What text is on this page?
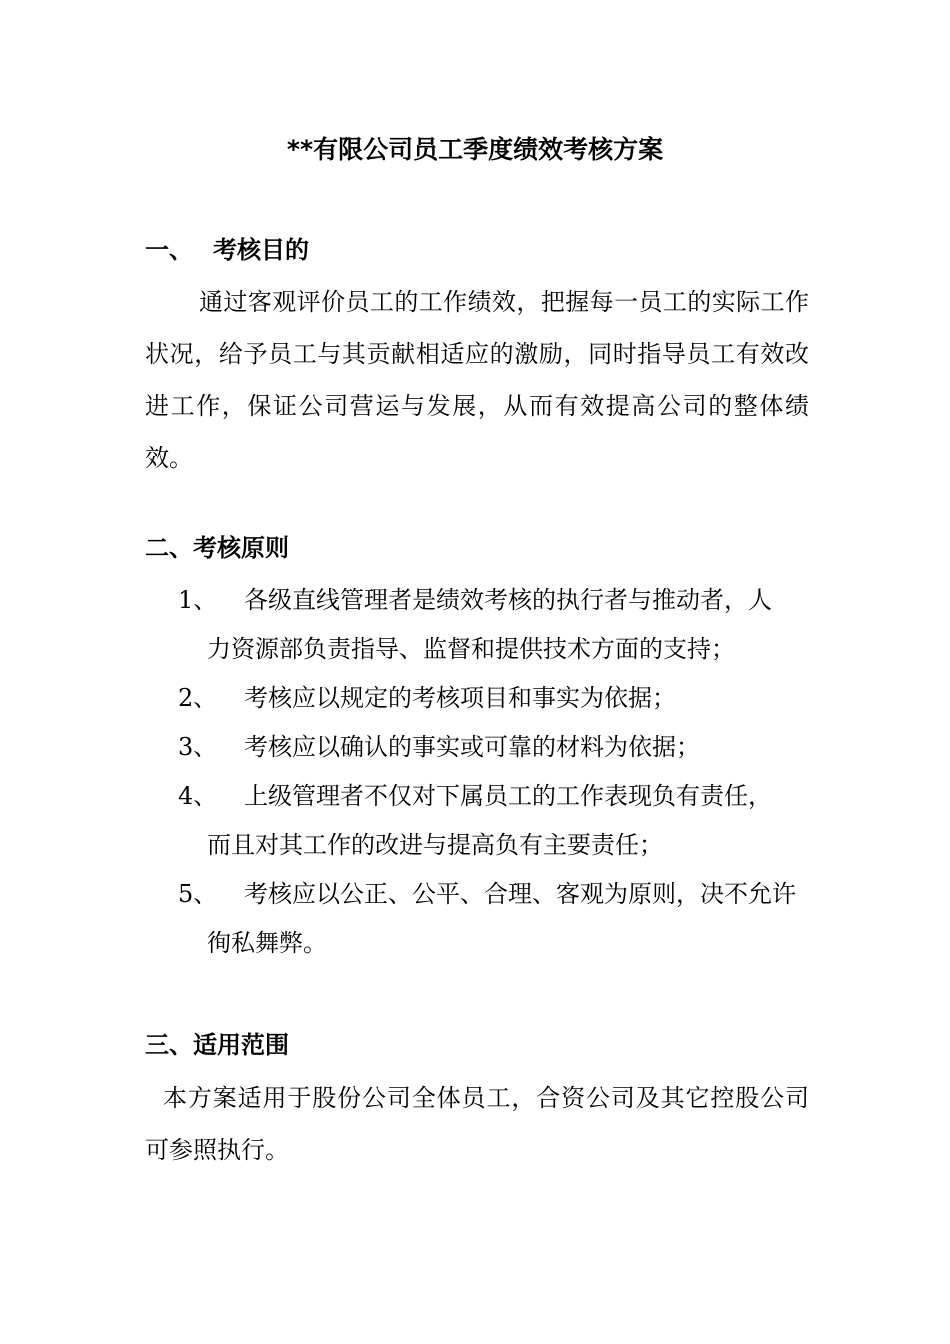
**有限公司员工季度绩效考核方案
一、 考核目的

通过客观评价员工的工作绩效，把握每一员工的实际工作状况，给予员工与其贡献相适应的激励，同时指导员工有效改进工作，保证公司营运与发展，从而有效提高公司的整体绩效。

二、考核原则
1、	各级直线管理者是绩效考核的执行者与推动者，人
力资源部负责指导、监督和提供技术方面的支持；
2、	考核应以规定的考核项目和事实为依据；
3、	考核应以确认的事实或可靠的材料为依据；
4、	上级管理者不仅对下属员工的工作表现负有责任，
而且对其工作的改进与提高负有主要责任；
5、	考核应以公正、公平、合理、客观为原则，决不允许
徇私舞弊。
三、适用范围

本方案适用于股份公司全体员工，合资公司及其它控股公司可参照执行。
